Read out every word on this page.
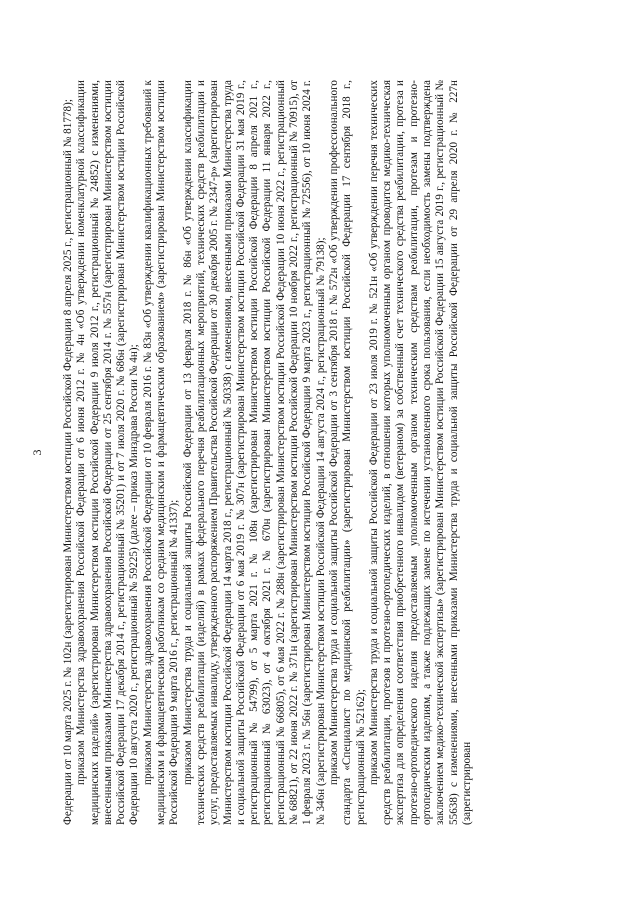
3 Федерации от 10 марта 2025 г. № 102н (зарегистрирован Министерством юстиции Российской Федерации 8 апреля 2025 г., регистрационный № 81778); приказом Министерства здравоохранения Российской Федерации от 6 июня 2012 г. № 4н «Об утверждении номенклатурной классификации медицинских изделий» (зарегистрирован Министерством юстиции Российской Федерации 9 июля 2012 г., регистрационный № 24852) с изменениями, внесенными приказами Министерства здравоохранения Российской Федерации от 25 сентября 2014 г. № 557н (зарегистрирован Министерством юстиции Российской Федерации 17 декабря 2014 г., регистрационный № 35201) и от 7 июля 2020 г. № 686н (зарегистрирован Министерством юстиции Российской Федерации 10 августа 2020 г., регистрационный № 59225) (далее – приказ Минздрава России № 4н); приказом Министерства здравоохранения Российской Федерации от 10 февраля 2016 г. № 83н «Об утверждении квалификационных требований к медицинским и фармацевтическим работникам со средним медицинским и фармацевтическим образованием» (зарегистрирован Министерством юстиции Российской Федерации 9 марта 2016 г., регистрационный № 41337); приказом Министерства труда и социальной защиты Российской Федерации от 13 февраля 2018 г. № 86н «Об утверждении классификации технических средств реабилитации (изделий) в рамках федерального перечня реабилитационных мероприятий, технических средств реабилитации и услуг, предоставляемых инвалиду, утвержденного распоряжением Правительства Российской Федерации от 30 декабря 2005 г. № 2347-р» (зарегистрирован Министерством юстиции Российской Федерации 14 марта 2018 г., регистрационный № 50338) с изменениями, внесенными приказами Министерства труда и социальной защиты Российской Федерации от 6 мая 2019 г. № 307н (зарегистрирован Министерством юстиции Российской Федерации 31 мая 2019 г., регистрационный № 54799), от 5 марта 2021 г. № 108н (зарегистрирован Министерством юстиции Российской Федерации 8 апреля 2021 г., регистрационный № 63023), от 4 октября 2021 г. № 670н (зарегистрирован Министерством юстиции Российской Федерации 11 января 2022 г., регистрационный № 66805), от 6 мая 2022 г. № 288н (зарегистрирован Министерством юстиции Российской Федерации 10 июня 2022 г., регистрационный № 68821), от 22 июня 2022 г. № 371н (зарегистрирован Министерством юстиции Российской Федерации 10 ноября 2022 г., регистрационный № 70915), от 1 февраля 2023 г. № 56н (зарегистрирован Министерством юстиции Российской Федерации 9 марта 2023 г., регистрационный № 72556), от 10 июня 2024 г. № 346н (зарегистрирован Министерством юстиции Российской Федерации 14 августа 2024 г., регистрационный № 79138); приказом Министерства труда и социальной защиты Российской Федерации от 3 сентября 2018 г. № 572н «Об утверждении профессионального стандарта «Специалист по медицинской реабилитации» (зарегистрирован Министерством юстиции Российской Федерации 17 сентября 2018 г., регистрационный № 52162); приказом Министерства труда и социальной защиты Российской Федерации от 23 июля 2019 г. № 521н «Об утверждении перечня технических средств реабилитации, протезов и протезно-ортопедических изделий, в отношении которых уполномоченным органом проводится медико-техническая экспертиза для определения соответствия приобретенного инвалидом (ветераном) за собственный счет технического средства реабилитации, протеза и протезно-ортопедического изделия предоставляемым уполномоченным органом техническим средствам реабилитации, протезам и протезно-ортопедическим изделиям, а также подлежащих замене по истечении установленного срока пользования, если необходимость замены подтверждена заключением медико-технической экспертизы» (зарегистрирован Министерством юстиции Российской Федерации 15 августа 2019 г., регистрационный № 55638) с изменениями, внесенными приказами Министерства труда и социальной защиты Российской Федерации от 29 апреля 2020 г. № 227н (зарегистрирован
